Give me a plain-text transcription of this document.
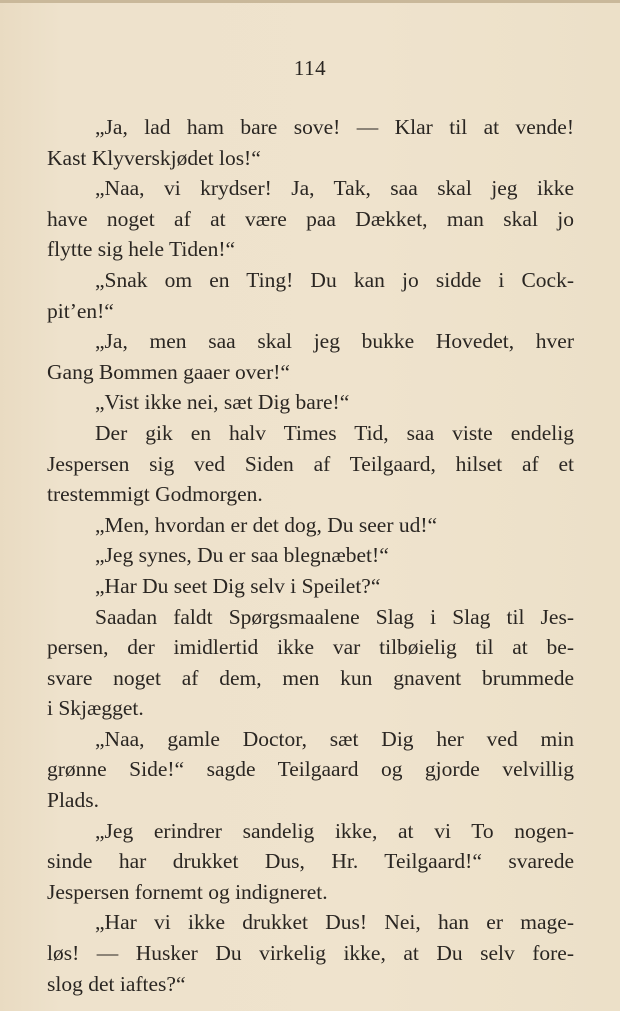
114
„Ja, lad ham bare sove! — Klar til at vende!
Kast Klyverskjødet los!“
„Naa, vi krydser! Ja, Tak, saa skal jeg ikke
have noget af at være paa Dækket, man skal jo
flytte sig hele Tiden!“
„Snak om en Ting! Du kan jo sidde i Cock-
pit’en!“
„Ja, men saa skal jeg bukke Hovedet, hver
Gang Bommen gaaer over!“
„Vist ikke nei, sæt Dig bare!“
Der gik en halv Times Tid, saa viste endelig
Jespersen sig ved Siden af Teilgaard, hilset af et
trestemmigt Godmorgen.
„Men, hvordan er det dog, Du seer ud!“
„Jeg synes, Du er saa blegnæbet!“
„Har Du seet Dig selv i Speilet?“
Saadan faldt Spørgsmaalene Slag i Slag til Jes-
persen, der imidlertid ikke var tilbøielig til at be-
svare noget af dem, men kun gnavent brummede
i Skjægget.
„Naa, gamle Doctor, sæt Dig her ved min
grønne Side!“ sagde Teilgaard og gjorde velvillig
Plads.
„Jeg erindrer sandelig ikke, at vi To nogen-
sinde har drukket Dus, Hr. Teilgaard!“ svarede
Jespersen fornemt og indigneret.
„Har vi ikke drukket Dus! Nei, han er mage-
løs! — Husker Du virkelig ikke, at Du selv fore-
slog det iaftes?“
